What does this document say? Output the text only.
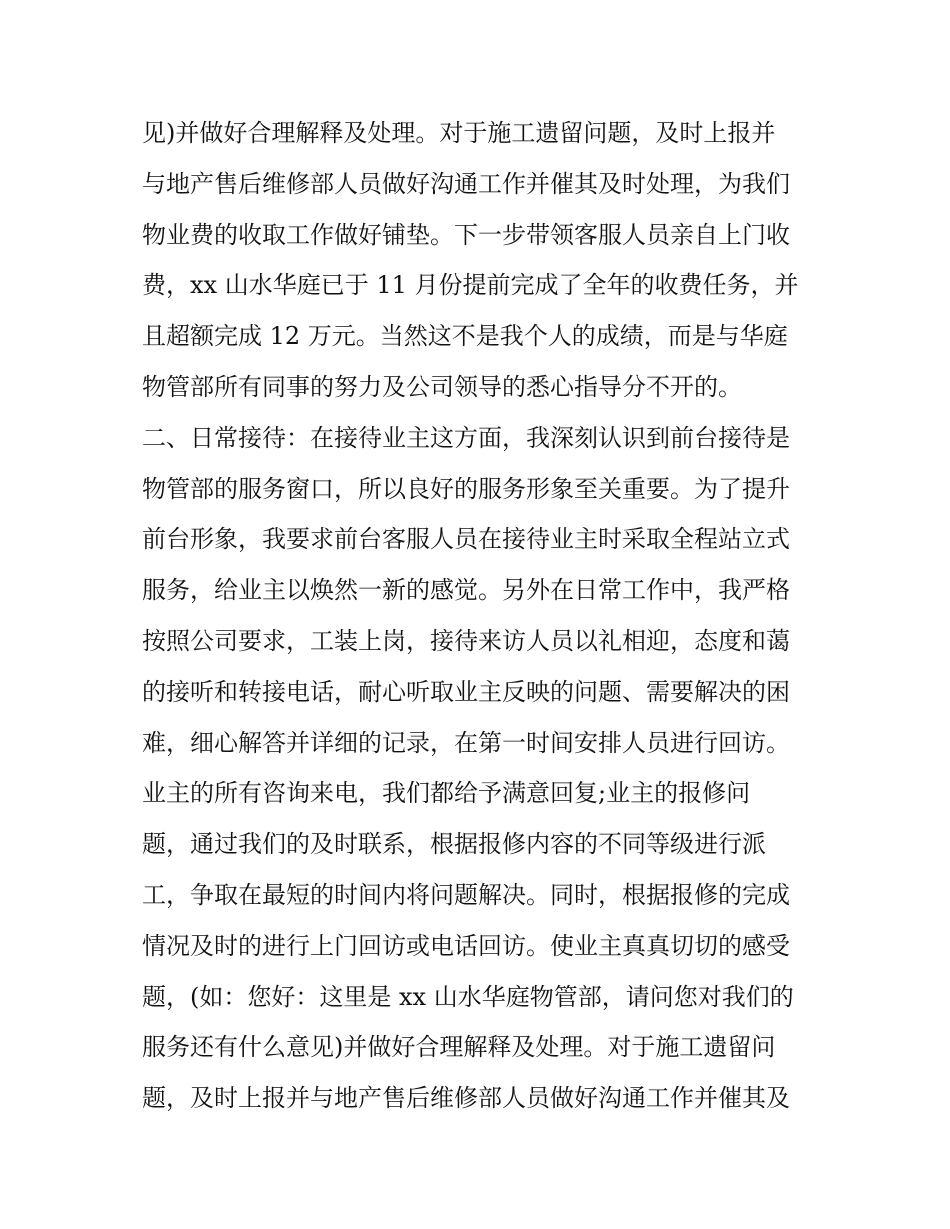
见)并做好合理解释及处理。对于施工遗留问题，及时上报并
与地产售后维修部人员做好沟通工作并催其及时处理，为我们
物业费的收取工作做好铺垫。下一步带领客服人员亲自上门收
费，xx 山水华庭已于 11 月份提前完成了全年的收费任务，并
且超额完成 12 万元。当然这不是我个人的成绩，而是与华庭
物管部所有同事的努力及公司领导的悉心指导分不开的。
二、日常接待：在接待业主这方面，我深刻认识到前台接待是
物管部的服务窗口，所以良好的服务形象至关重要。为了提升
前台形象，我要求前台客服人员在接待业主时采取全程站立式
服务，给业主以焕然一新的感觉。另外在日常工作中，我严格
按照公司要求，工装上岗，接待来访人员以礼相迎，态度和蔼
的接听和转接电话，耐心听取业主反映的问题、需要解决的困
难，细心解答并详细的记录，在第一时间安排人员进行回访。
业主的所有咨询来电，我们都给予满意回复;业主的报修问
题，通过我们的及时联系，根据报修内容的不同等级进行派
工，争取在最短的时间内将问题解决。同时，根据报修的完成
情况及时的进行上门回访或电话回访。使业主真真切切的感受
题，(如：您好：这里是 xx 山水华庭物管部，请问您对我们的
服务还有什么意见)并做好合理解释及处理。对于施工遗留问
题，及时上报并与地产售后维修部人员做好沟通工作并催其及
